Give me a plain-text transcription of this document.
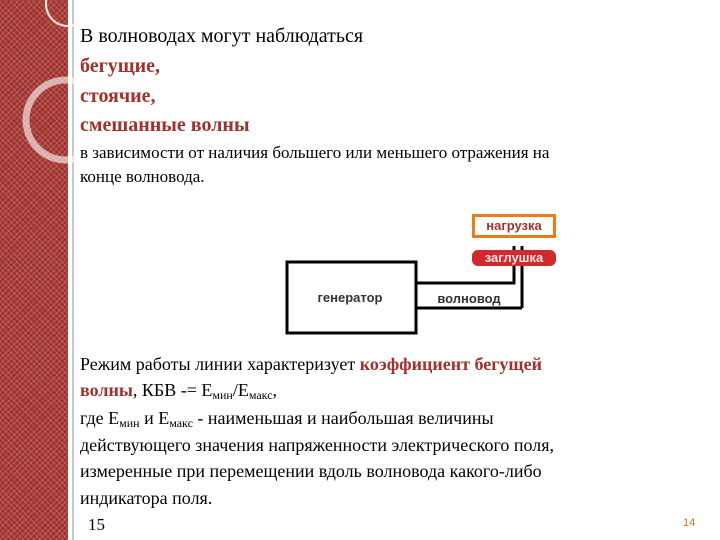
В волноводах могут наблюдаться
бегущие,
стоячие,
смешанные волны
в зависимости от наличия большего или меньшего отражения на
конце волновода.
нагрузка
заглушка
генератор	волновод
Режим работы линии характеризует коэффициент бегущей
волны, КБВ -= $Е_{мин}/Е_{макс}$,
где $Е_{мин}$ и $Е_{макс}$ - наименьшая и наибольшая величины
действующего значения напряженности электрического поля,
измеренные при перемещении вдоль волновода какого-либо
индикатора поля.
15	14
